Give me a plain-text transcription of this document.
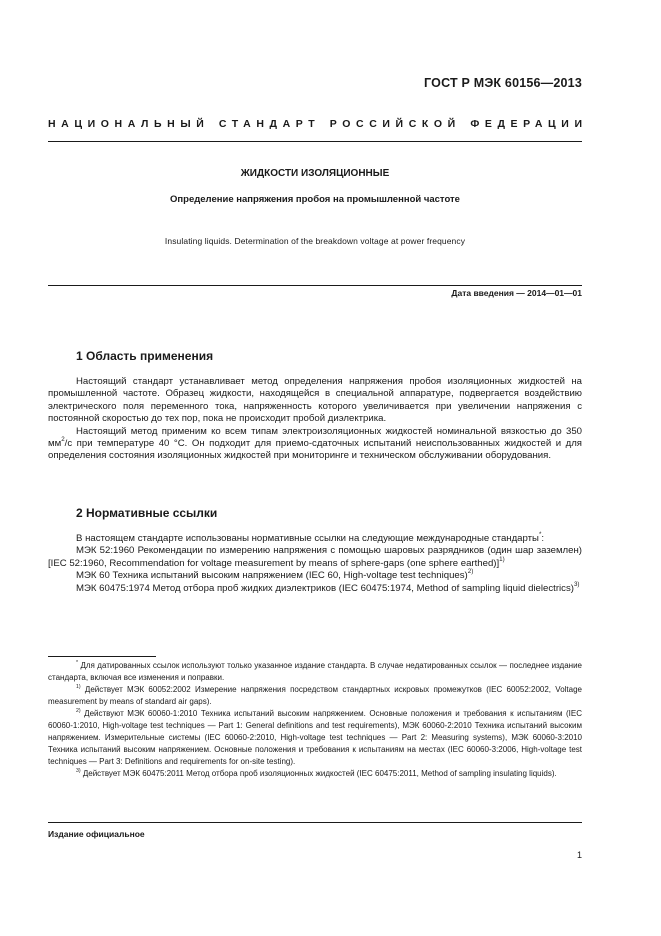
ГОСТ Р МЭК 60156—2013
НАЦИОНАЛЬНЫЙ СТАНДАРТ РОССИЙСКОЙ ФЕДЕРАЦИИ
ЖИДКОСТИ ИЗОЛЯЦИОННЫЕ
Определение напряжения пробоя на промышленной частоте
Insulating liquids. Determination of the breakdown voltage at power frequency
Дата введения — 2014—01—01
1 Область применения

Настоящий стандарт устанавливает метод определения напряжения пробоя изоляционных жидкостей на промышленной частоте. Образец жидкости, находящейся в специальной аппаратуре, подвергается воздействию электрического поля переменного тока, напряженность которого увеличивается при увеличении напряжения с постоянной скоростью до тех пор, пока не происходит пробой диэлектрика.

Настоящий метод применим ко всем типам электроизоляционных жидкостей номинальной вязкостью до 350 $мм^2/с$ при температуре 40 °С. Он подходит для приемо-сдаточных испытаний неиспользованных жидкостей и для определения состояния изоляционных жидкостей при мониторинге и техническом обслуживании оборудования.

2 Нормативные ссылки

В настоящем стандарте использованы нормативные ссылки на следующие международные стандарты*:

МЭК 52:1960 Рекомендации по измерению напряжения с помощью шаровых разрядников (один шар заземлен) [IEC 52:1960, Recommendation for voltage measurement by means of sphere-gaps (one sphere earthed)]$^{1)}$

МЭК 60 Техника испытаний высоким напряжением (IEC 60, High-voltage test techniques)$^{2)}$

МЭК 60475:1974 Метод отбора проб жидких диэлектриков (IEC 60475:1974, Method of sampling liquid dielectrics)$^{3)}$

* Для датированных ссылок используют только указанное издание стандарта. В случае недатированных ссылок — последнее издание стандарта, включая все изменения и поправки.

$^{1)}$ Действует МЭК 60052:2002 Измерение напряжения посредством стандартных искровых промежутков (IEC 60052:2002, Voltage measurement by means of standard air gaps).

$^{2)}$ Действуют МЭК 60060-1:2010 Техника испытаний высоким напряжением. Основные положения и требования к испытаниям (IEC 60060-1:2010, High-voltage test techniques — Part 1: General definitions and test requirements), МЭК 60060-2:2010 Техника испытаний высоким напряжением. Измерительные системы (IEC 60060-2:2010, High-voltage test techniques — Part 2: Measuring systems), МЭК 60060-3:2010 Техника испытаний высоким напряжением. Основные положения и требования к испытаниям на местах (IEC 60060-3:2006, High-voltage test techniques — Part 3: Definitions and requirements for on-site testing).

$^{3)}$ Действует МЭК 60475:2011 Метод отбора проб изоляционных жидкостей (IEC 60475:2011, Method of sampling insulating liquids).

Издание официальное
1
